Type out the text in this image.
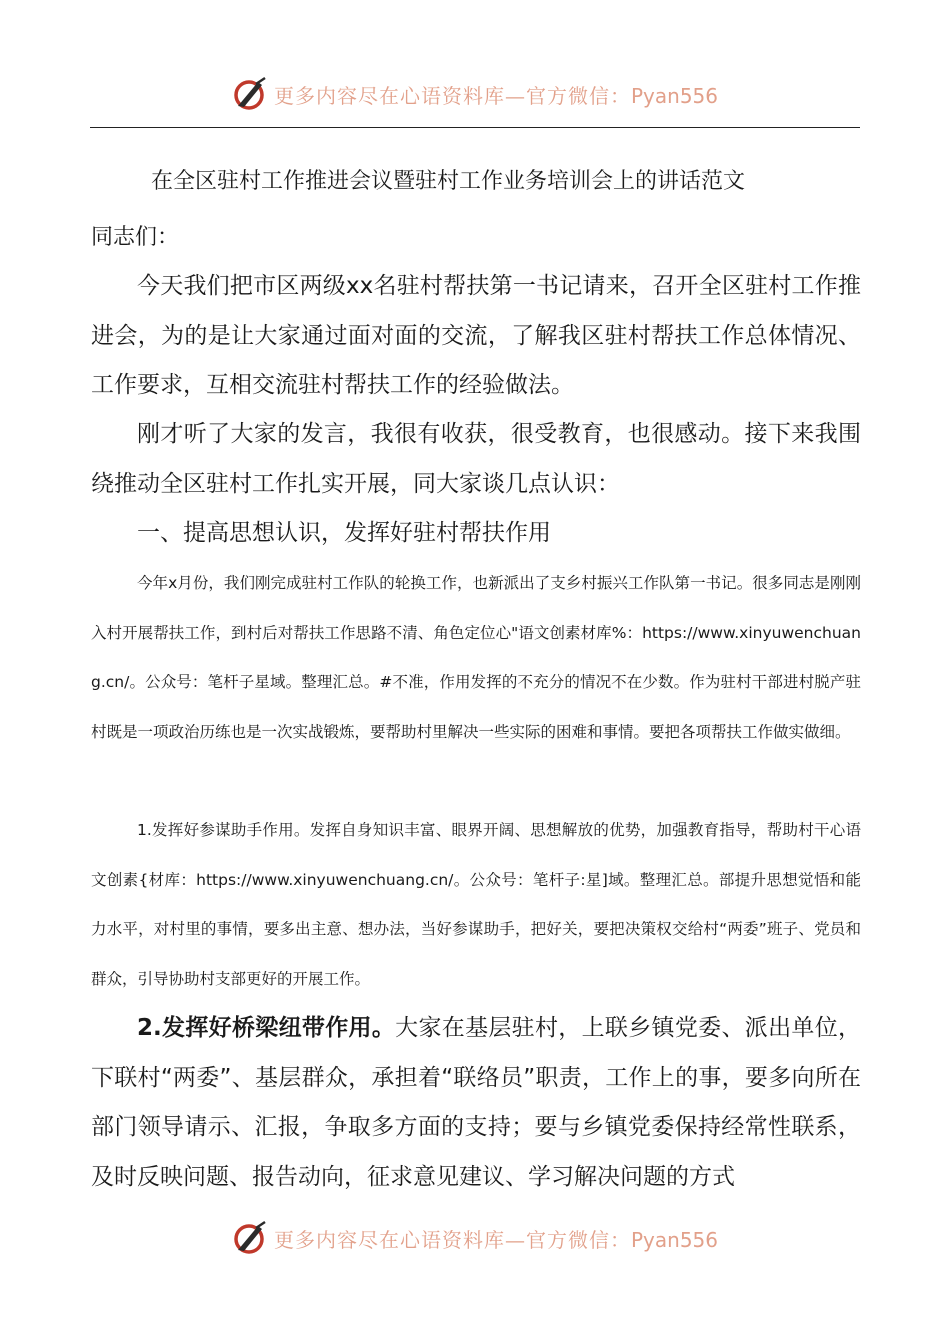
更多内容尽在心语资料库—官方微信：Pyan556
在全区驻村工作推进会议暨驻村工作业务培训会上的讲话范文
同志们：

今天我们把市区两级xx名驻村帮扶第一书记请来，召开全区驻村工作推进会，为的是让大家通过面对面的交流，了解我区驻村帮扶工作总体情况、工作要求，互相交流驻村帮扶工作的经验做法。

刚才听了大家的发言，我很有收获，很受教育，也很感动。接下来我围绕推动全区驻村工作扎实开展，同大家谈几点认识：

一、提高思想认识，发挥好驻村帮扶作用

今年x月份，我们刚完成驻村工作队的轮换工作，也新派出了支乡村振兴工作队第一书记。很多同志是刚刚入村开展帮扶工作，到村后对帮扶工作思路不清、角色定位心"语文创素材库%：https://www.xinyuwenchuang.cn/。公众号：笔杆子星域。整理汇总。#不准，作用发挥的不充分的情况不在少数。作为驻村干部进村脱产驻村既是一项政治历练也是一次实战锻炼，要帮助村里解决一些实际的困难和事情。要把各项帮扶工作做实做细。

1.发挥好参谋助手作用。发挥自身知识丰富、眼界开阔、思想解放的优势，加强教育指导，帮助村干心语文创素{材库：https://www.xinyuwenchuang.cn/。公众号：笔杆子:星]域。整理汇总。部提升思想觉悟和能力水平，对村里的事情，要多出主意、想办法，当好参谋助手，把好关，要把决策权交给村“两委”班子、党员和群众，引导协助村支部更好的开展工作。

2.发挥好桥梁纽带作用。大家在基层驻村，上联乡镇党委、派出单位，下联村“两委”、基层群众，承担着“联络员”职责，工作上的事，要多向所在部门领导请示、汇报，争取多方面的支持；要与乡镇党委保持经常性联系，及时反映问题、报告动向，征求意见建议、学习解决问题的方式

更多内容尽在心语资料库—官方微信：Pyan556
